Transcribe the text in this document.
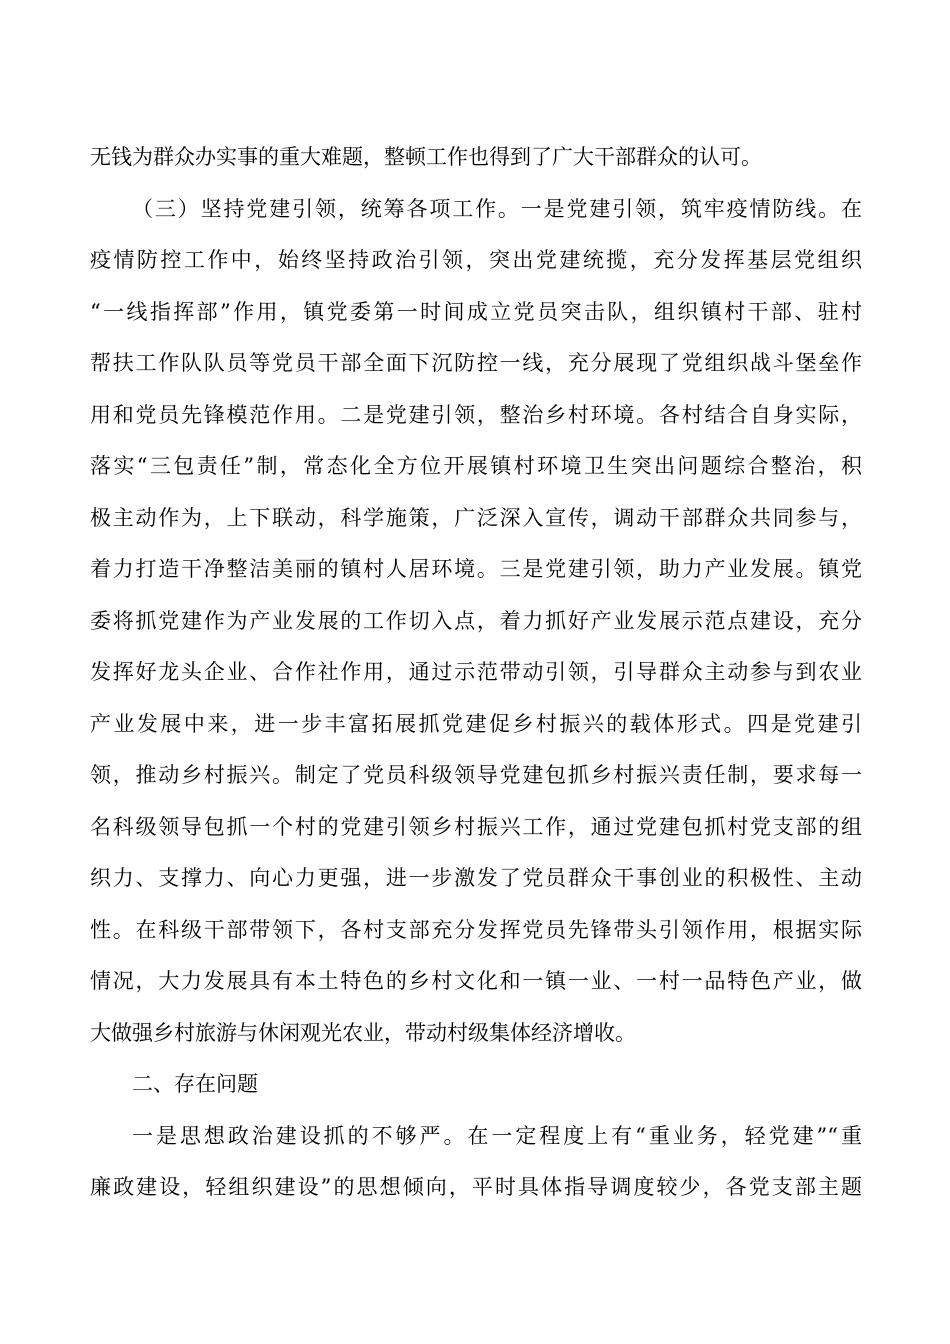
无钱为群众办实事的重大难题，整顿工作也得到了广大干部群众的认可。
（三）坚持党建引领，统筹各项工作。一是党建引领，筑牢疫情防线。在
疫情防控工作中，始终坚持政治引领，突出党建统揽，充分发挥基层党组织
“一线指挥部”作用，镇党委第一时间成立党员突击队，组织镇村干部、驻村
帮扶工作队队员等党员干部全面下沉防控一线，充分展现了党组织战斗堡垒作
用和党员先锋模范作用。二是党建引领，整治乡村环境。各村结合自身实际，
落实“三包责任”制，常态化全方位开展镇村环境卫生突出问题综合整治，积
极主动作为，上下联动，科学施策，广泛深入宣传，调动干部群众共同参与，
着力打造干净整洁美丽的镇村人居环境。三是党建引领，助力产业发展。镇党
委将抓党建作为产业发展的工作切入点，着力抓好产业发展示范点建设，充分
发挥好龙头企业、合作社作用，通过示范带动引领，引导群众主动参与到农业
产业发展中来，进一步丰富拓展抓党建促乡村振兴的载体形式。四是党建引
领，推动乡村振兴。制定了党员科级领导党建包抓乡村振兴责任制，要求每一
名科级领导包抓一个村的党建引领乡村振兴工作，通过党建包抓村党支部的组
织力、支撑力、向心力更强，进一步激发了党员群众干事创业的积极性、主动
性。在科级干部带领下，各村支部充分发挥党员先锋带头引领作用，根据实际
情况，大力发展具有本土特色的乡村文化和一镇一业、一村一品特色产业，做
大做强乡村旅游与休闲观光农业，带动村级集体经济增收。
二、存在问题
一是思想政治建设抓的不够严。在一定程度上有“重业务，轻党建”“重
廉政建设，轻组织建设”的思想倾向，平时具体指导调度较少，各党支部主题
